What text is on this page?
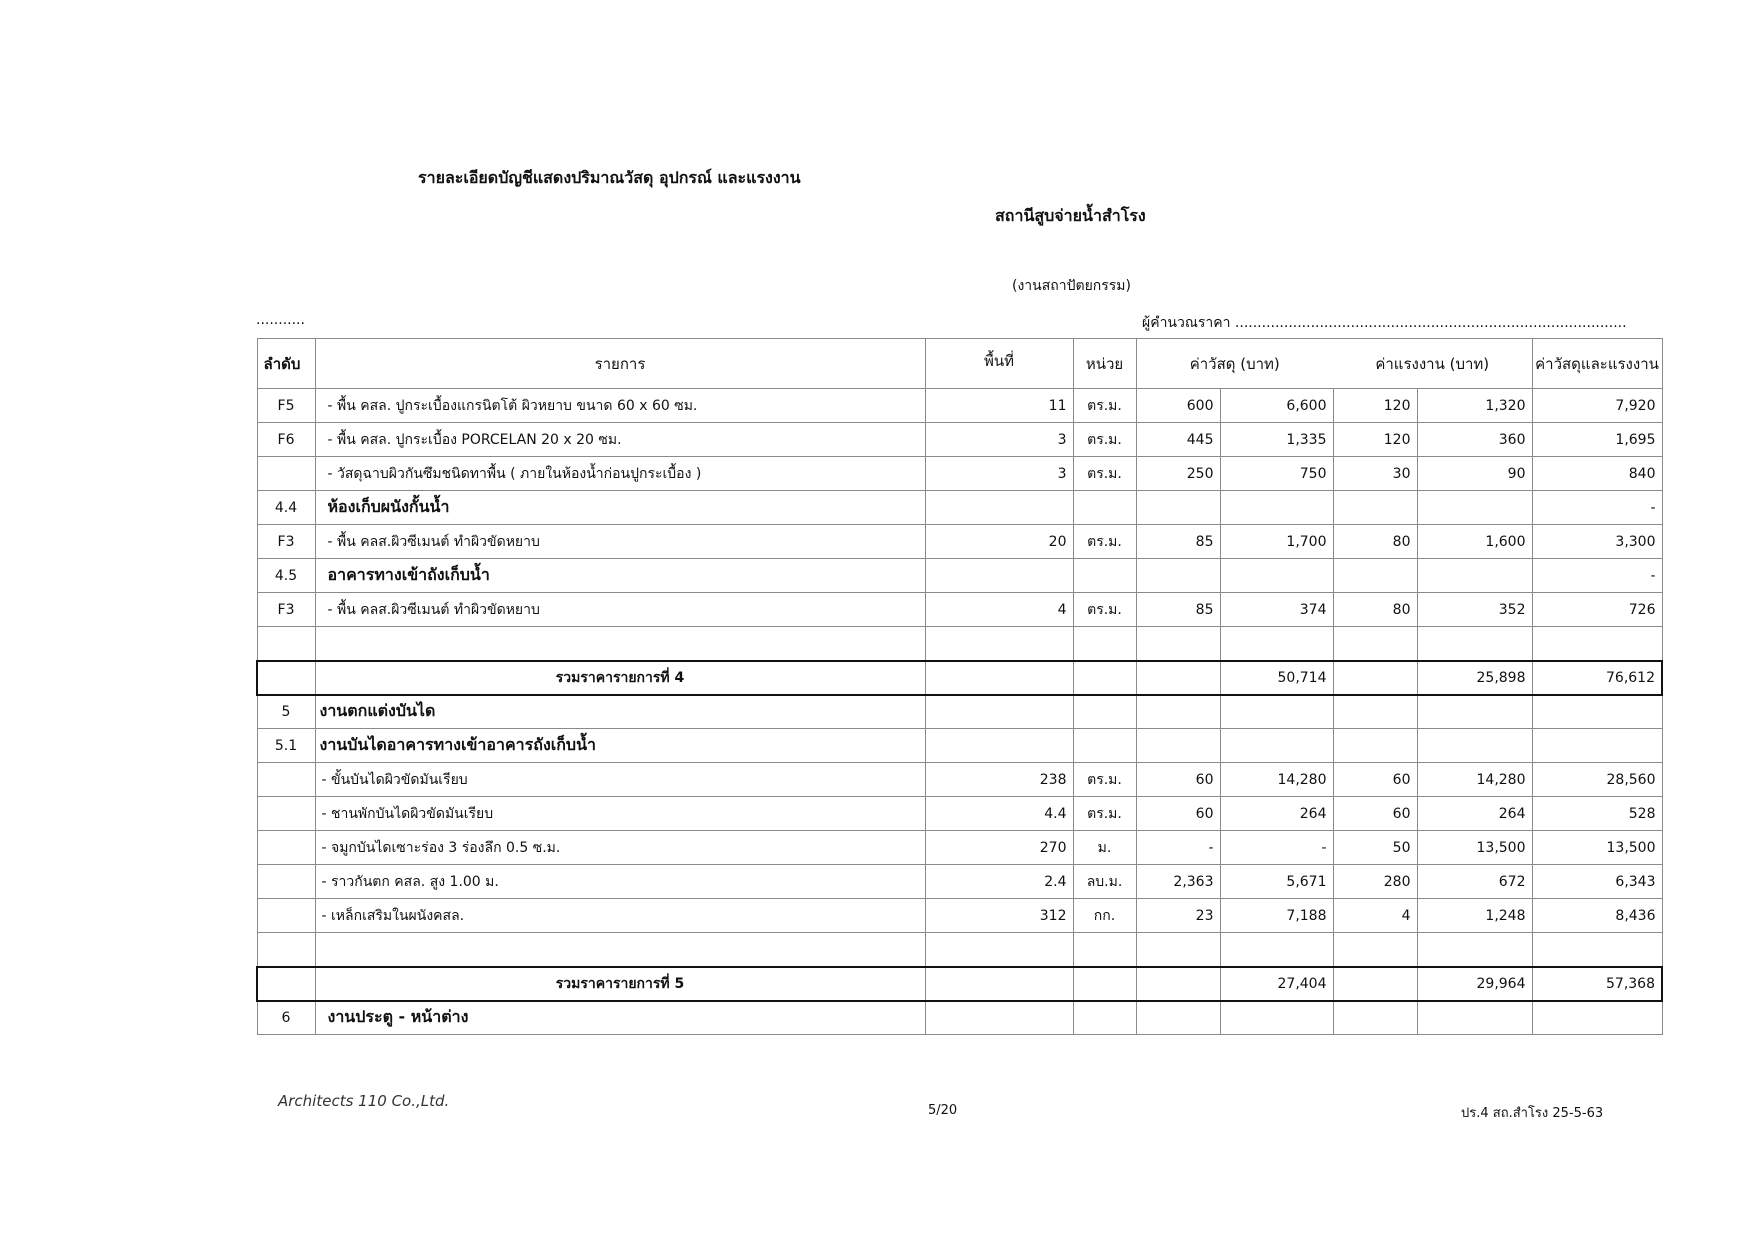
รายละเอียดบัญชีแสดงปริมาณวัสดุ อุปกรณ์ และแรงงาน
สถานีสูบจ่ายน้ำสำโรง
(งานสถาปัตยกรรม)
...........	ผู้คำนวณราคา ........................................................................................
ลำดับ	รายการ	พื้นที่	หน่วย	ค่าวัสดุ (บาท)		ค่าแรงงาน (บาท)		ค่าวัสดุและแรงงาน
F5	- พื้น คสล. ปูกระเบื้องแกรนิตโต้ ผิวหยาบ ขนาด 60 x 60 ซม.	11	ตร.ม.	600	6,600	120	1,320	7,920
F6	- พื้น คสล. ปูกระเบื้อง PORCELAN 20 x 20 ซม.	3	ตร.ม.	445	1,335	120	360	1,695
	- วัสดุฉาบผิวกันซึมชนิดทาพื้น ( ภายในห้องน้ำก่อนปูกระเบื้อง )	3	ตร.ม.	250	750	30	90	840
4.4	ห้องเก็บผนังกั้นน้ำ							-
F3	- พื้น คลส.ผิวซีเมนต์ ทำผิวขัดหยาบ	20	ตร.ม.	85	1,700	80	1,600	3,300
4.5	อาคารทางเข้าถังเก็บน้ำ							-
F3	- พื้น คลส.ผิวซีเมนต์ ทำผิวขัดหยาบ	4	ตร.ม.	85	374	80	352	726

	รวมราคารายการที่ 4				50,714		25,898	76,612
5	งานตกแต่งบันได							
5.1	งานบันไดอาคารทางเข้าอาคารถังเก็บน้ำ							
	- ขั้นบันไดผิวขัดมันเรียบ	238	ตร.ม.	60	14,280	60	14,280	28,560
	- ชานพักบันไดผิวขัดมันเรียบ	4.4	ตร.ม.	60	264	60	264	528
	- จมูกบันไดเซาะร่อง 3 ร่องลึก 0.5 ซ.ม.	270	ม.	-	-	50	13,500	13,500
	- ราวกันตก คสล. สูง 1.00 ม.	2.4	ลบ.ม.	2,363	5,671	280	672	6,343
	- เหล็กเสริมในผนังคสล.	312	กก.	23	7,188	4	1,248	8,436

	รวมราคารายการที่ 5				27,404		29,964	57,368
6	งานประตู - หน้าต่าง							
Architects 110 Co.,Ltd.
5/20	ปร.4 สถ.สำโรง 25-5-63
